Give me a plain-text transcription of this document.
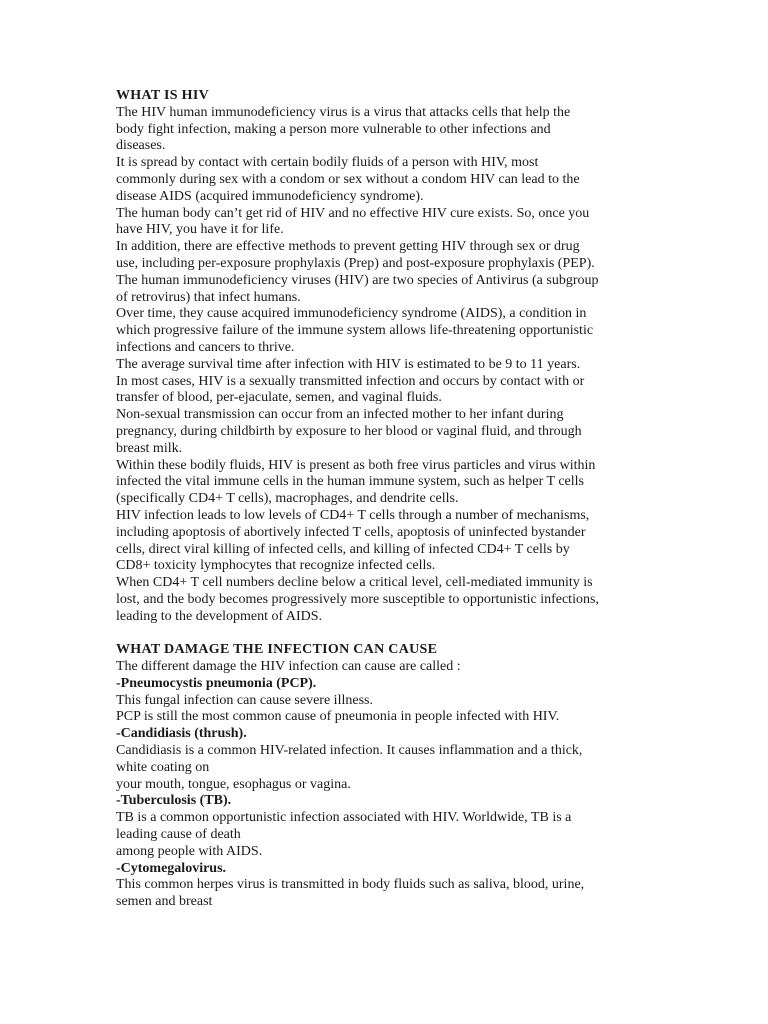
WHAT IS HIV
The HIV human immunodeficiency virus is a virus that attacks cells that help the
body fight infection, making a person more vulnerable to other infections and
diseases.
It is spread by contact with certain bodily fluids of a person with HIV, most
commonly during sex with a condom or sex without a condom HIV can lead to the
disease AIDS (acquired immunodeficiency syndrome).
The human body can’t get rid of HIV and no effective HIV cure exists. So, once you
have HIV, you have it for life.
In addition, there are effective methods to prevent getting HIV through sex or drug
use, including per-exposure prophylaxis (Prep) and post-exposure prophylaxis (PEP).
The human immunodeficiency viruses (HIV) are two species of Antivirus (a subgroup
of retrovirus) that infect humans.
Over time, they cause acquired immunodeficiency syndrome (AIDS), a condition in
which progressive failure of the immune system allows life-threatening opportunistic
infections and cancers to thrive.
The average survival time after infection with HIV is estimated to be 9 to 11 years.
In most cases, HIV is a sexually transmitted infection and occurs by contact with or
transfer of blood, per-ejaculate, semen, and vaginal fluids.
Non-sexual transmission can occur from an infected mother to her infant during
pregnancy, during childbirth by exposure to her blood or vaginal fluid, and through
breast milk.
Within these bodily fluids, HIV is present as both free virus particles and virus within
infected the vital immune cells in the human immune system, such as helper T cells
(specifically CD4+ T cells), macrophages, and dendrite cells.
HIV infection leads to low levels of CD4+ T cells through a number of mechanisms,
including apoptosis of abortively infected T cells, apoptosis of uninfected bystander
cells, direct viral killing of infected cells, and killing of infected CD4+ T cells by
CD8+ toxicity lymphocytes that recognize infected cells.
When CD4+ T cell numbers decline below a critical level, cell-mediated immunity is
lost, and the body becomes progressively more susceptible to opportunistic infections,
leading to the development of AIDS.
WHAT DAMAGE THE INFECTION CAN CAUSE
The different damage the HIV infection can cause are called :
-Pneumocystis pneumonia (PCP).
This fungal infection can cause severe illness.
PCP is still the most common cause of pneumonia in people infected with HIV.
-Candidiasis (thrush).
Candidiasis is a common HIV-related infection. It causes inflammation and a thick,
white coating on
your mouth, tongue, esophagus or vagina.
-Tuberculosis (TB).
TB is a common opportunistic infection associated with HIV. Worldwide, TB is a
leading cause of death
among people with AIDS.
-Cytomegalovirus.
This common herpes virus is transmitted in body fluids such as saliva, blood, urine,
semen and breast
